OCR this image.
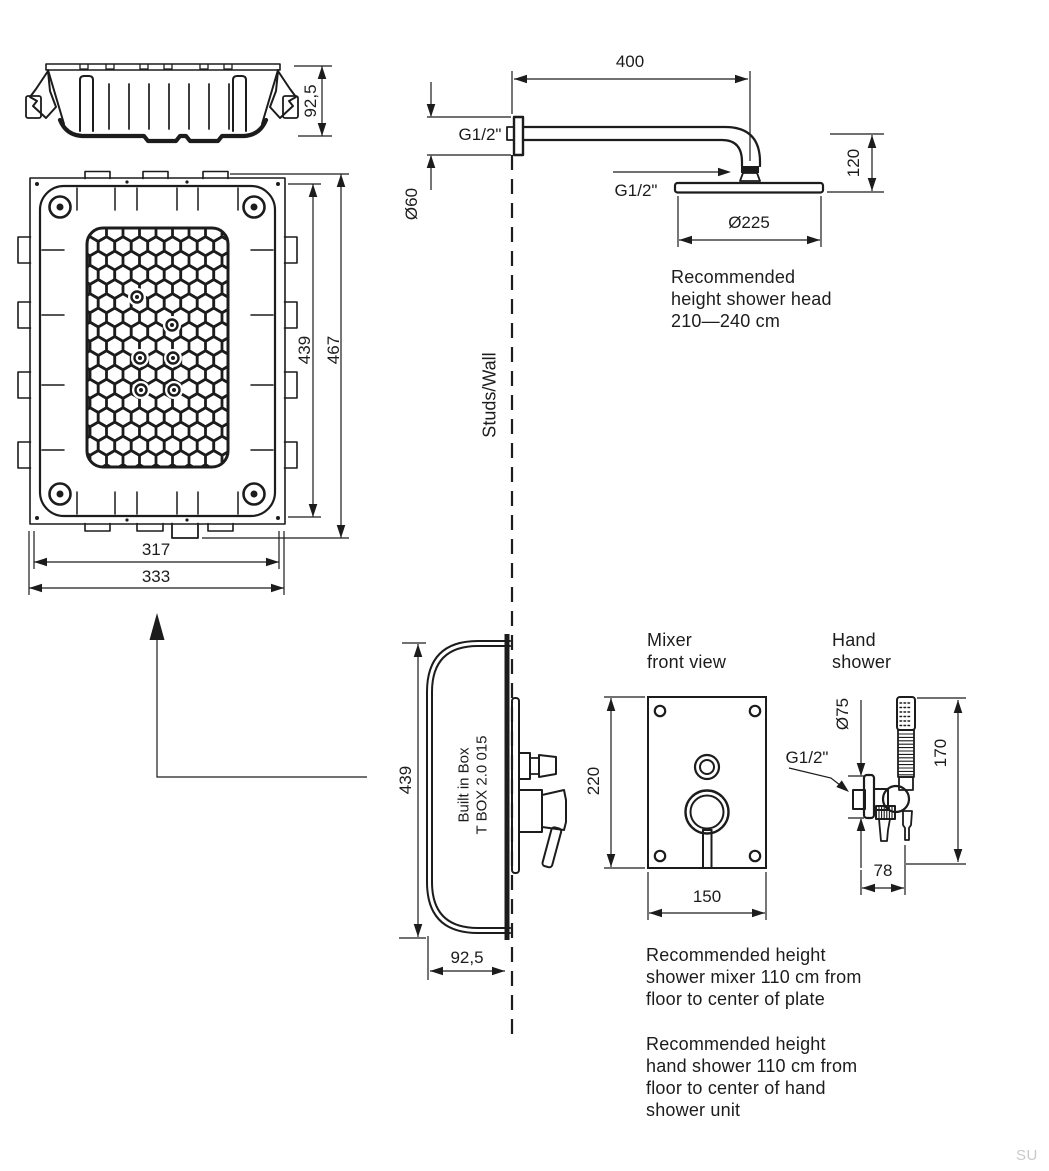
92,5
439 467
317
333
Studs/Wall
400
Ø60
G1/2"
G1/2"
Ø225
120
Built in Box T BOX 2.0 015
439
92,5
220
150
Ø75
G1/2"	170
78
Recommended
height shower head
210—240 cm
Mixer
front view
Hand
shower
Recommended height
shower mixer 110 cm from
floor to center of plate
Recommended height
hand shower 110 cm from
floor to center of hand
shower unit
SU
